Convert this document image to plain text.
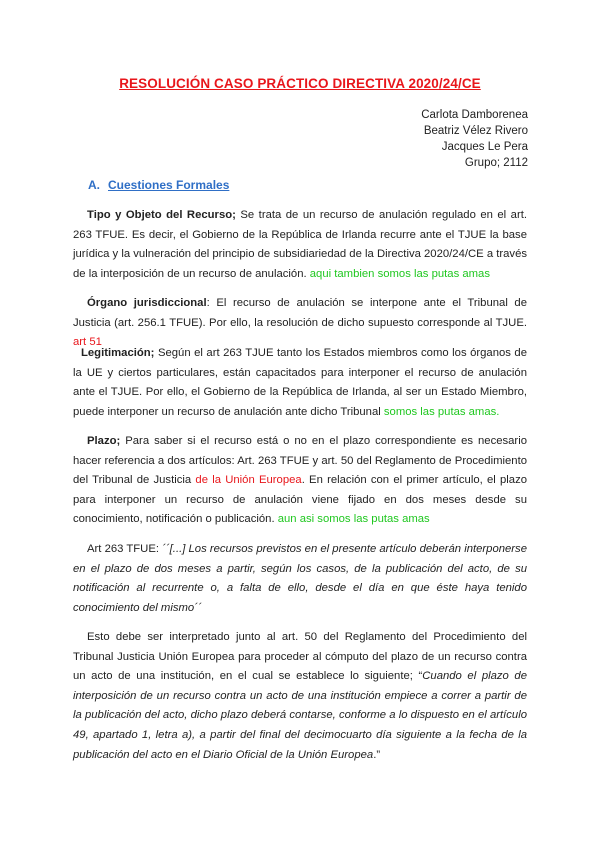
RESOLUCIÓN CASO PRÁCTICO DIRECTIVA 2020/24/CE
Carlota Damborenea
Beatriz Vélez Rivero
Jacques Le Pera
Grupo; 2112
A. Cuestiones Formales
Tipo y Objeto del Recurso; Se trata de un recurso de anulación regulado en el art. 263 TFUE. Es decir, el Gobierno de la República de Irlanda recurre ante el TJUE la base jurídica y la vulneración del principio de subsidiariedad de la Directiva 2020/24/CE a través de la interposición de un recurso de anulación. aqui tambien somos las putas amas
Órgano jurisdiccional: El recurso de anulación se interpone ante el Tribunal de Justicia (art. 256.1 TFUE). Por ello, la resolución de dicho supuesto corresponde al TJUE. art 51
Legitimación; Según el art 263 TJUE tanto los Estados miembros como los órganos de la UE y ciertos particulares, están capacitados para interponer el recurso de anulación ante el TJUE. Por ello, el Gobierno de la República de Irlanda, al ser un Estado Miembro, puede interponer un recurso de anulación ante dicho Tribunal somos las putas amas.
Plazo; Para saber si el recurso está o no en el plazo correspondiente es necesario hacer referencia a dos artículos: Art. 263 TFUE y art. 50 del Reglamento de Procedimiento del Tribunal de Justicia de la Unión Europea. En relación con el primer artículo, el plazo para interponer un recurso de anulación viene fijado en dos meses desde su conocimiento, notificación o publicación. aun asi somos las putas amas
Art 263 TFUE: ´´[...] Los recursos previstos en el presente artículo deberán interponerse en el plazo de dos meses a partir, según los casos, de la publicación del acto, de su notificación al recurrente o, a falta de ello, desde el día en que éste haya tenido conocimiento del mismo´´
Esto debe ser interpretado junto al art. 50 del Reglamento del Procedimiento del Tribunal Justicia Unión Europea para proceder al cómputo del plazo de un recurso contra un acto de una institución, en el cual se establece lo siguiente; “Cuando el plazo de interposición de un recurso contra un acto de una institución empiece a correr a partir de la publicación del acto, dicho plazo deberá contarse, conforme a lo dispuesto en el artículo 49, apartado 1, letra a), a partir del final del decimocuarto día siguiente a la fecha de la publicación del acto en el Diario Oficial de la Unión Europea.”
